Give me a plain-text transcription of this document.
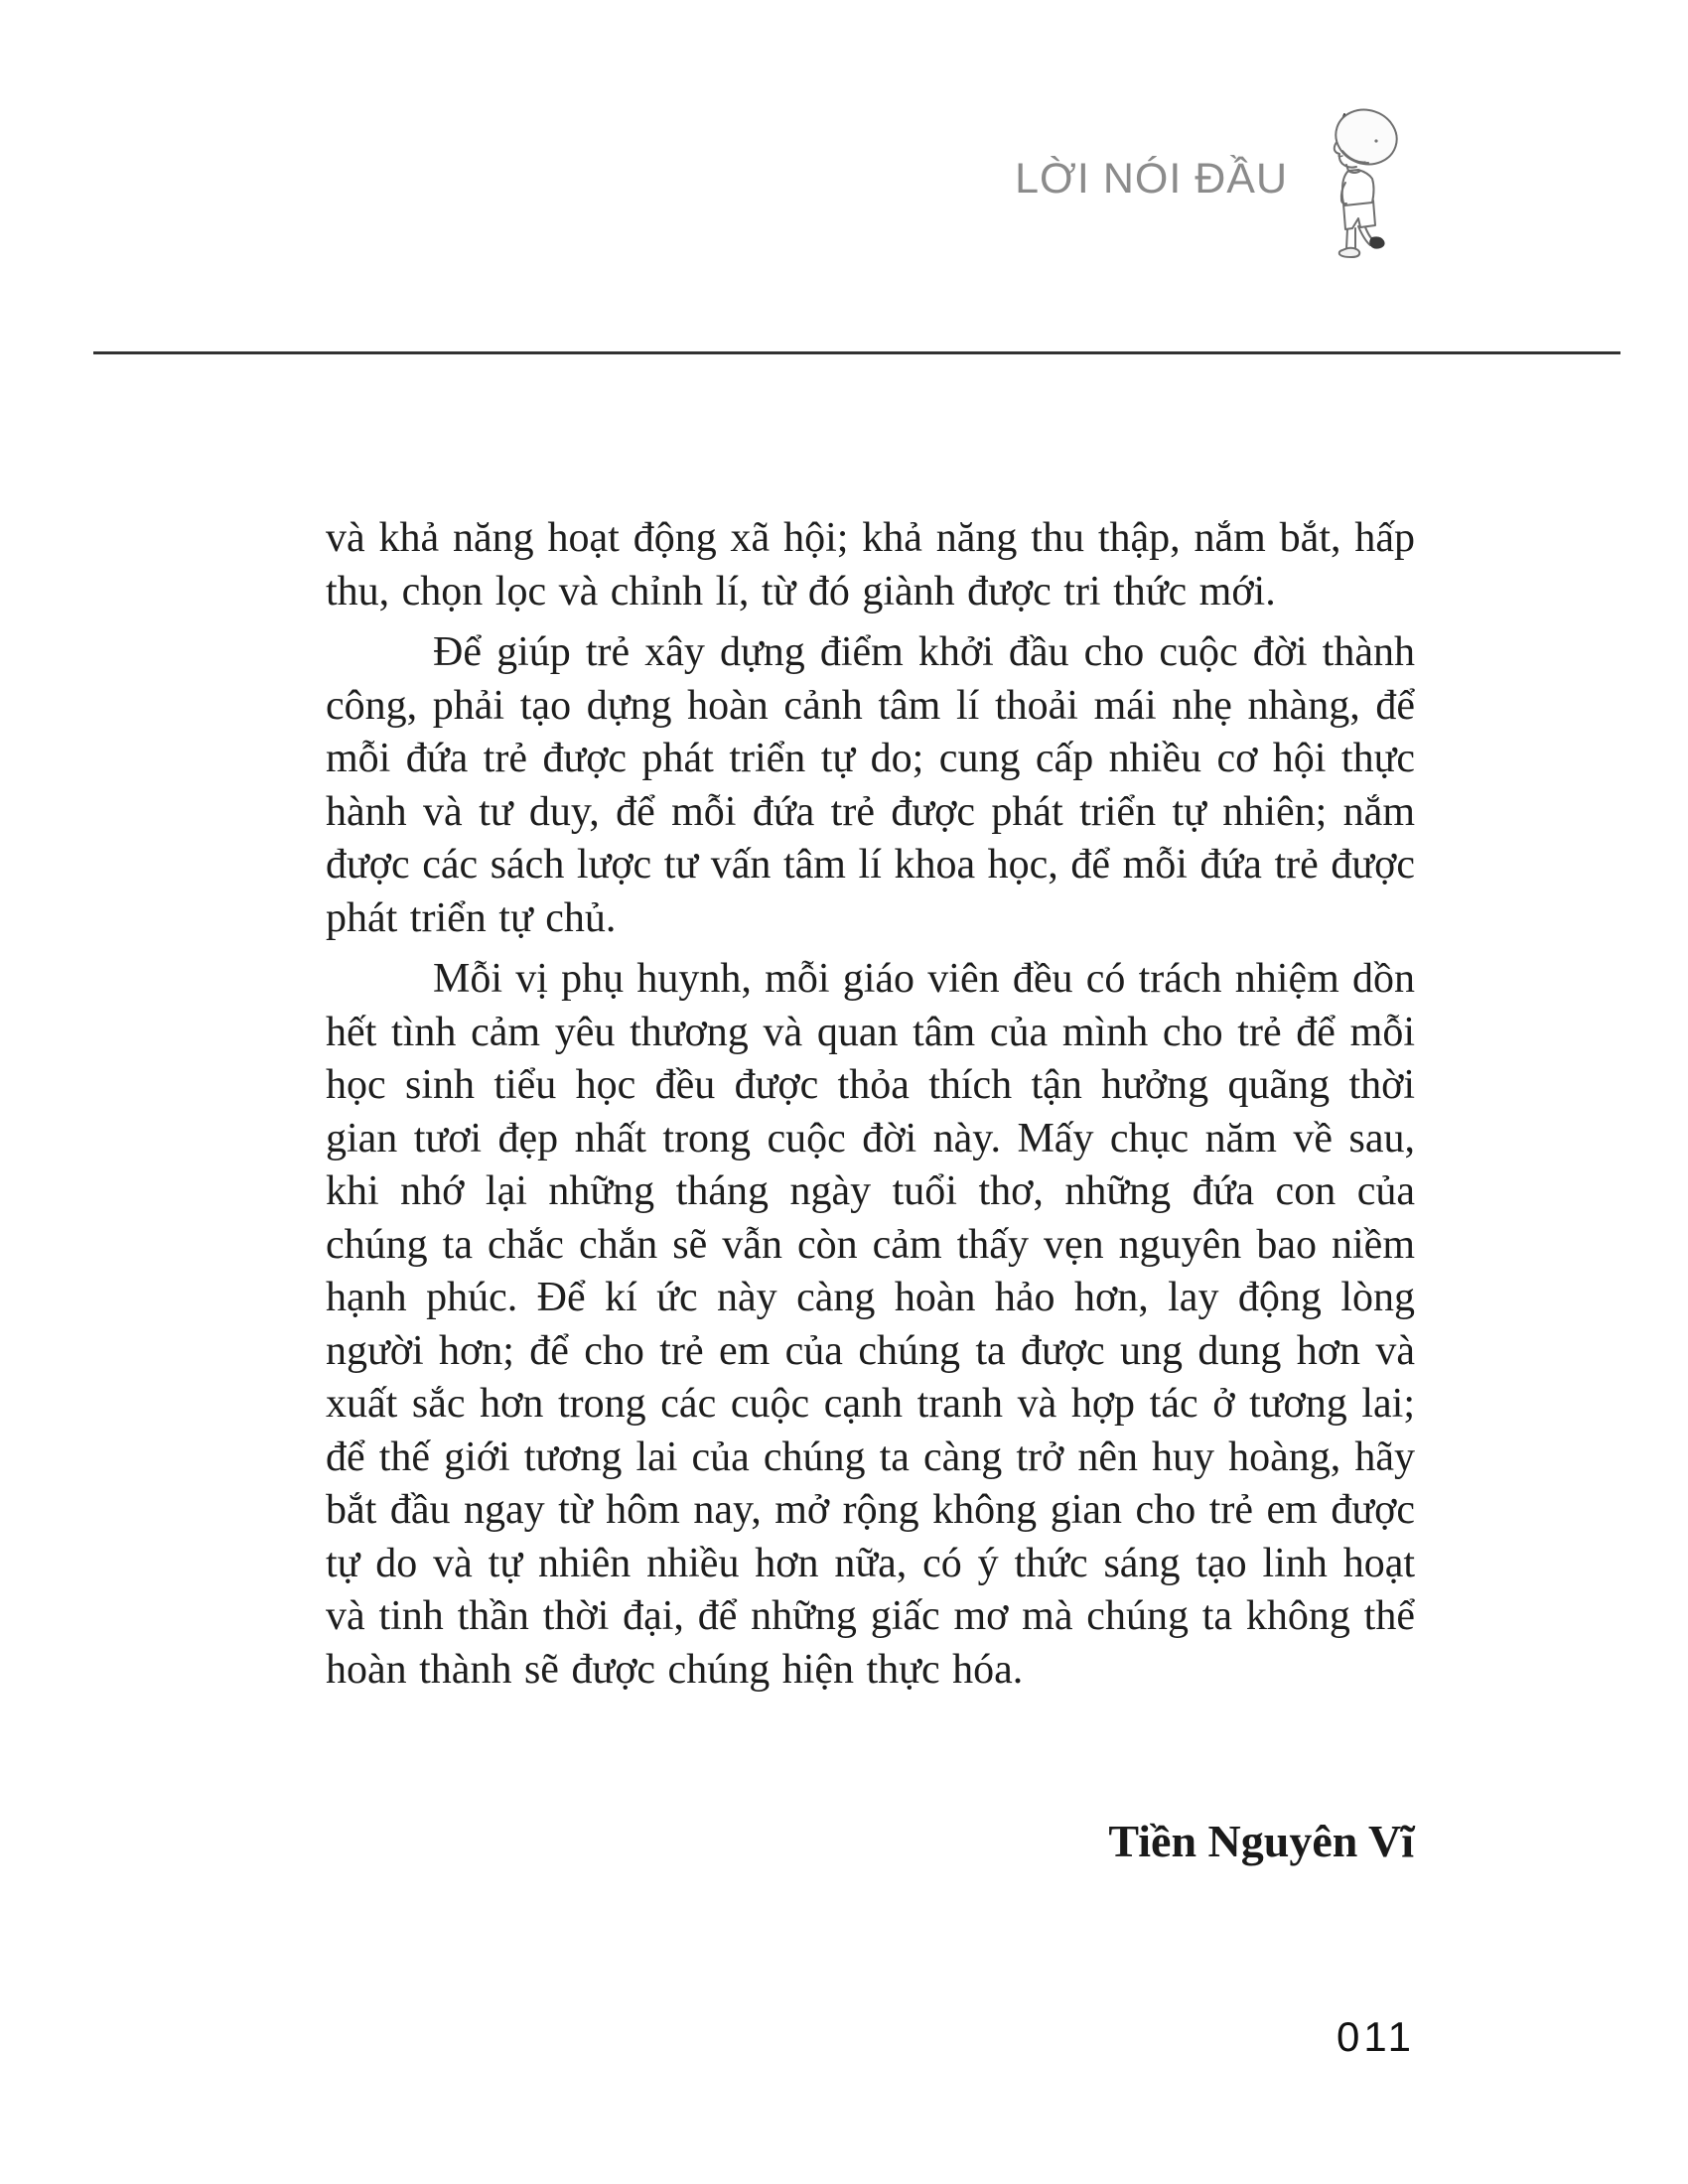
LỜI NÓI ĐẦU

và khả năng hoạt động xã hội; khả năng thu thập, nắm bắt, hấp thu, chọn lọc và chỉnh lí, từ đó giành được tri thức mới.

Để giúp trẻ xây dựng điểm khởi đầu cho cuộc đời thành công, phải tạo dựng hoàn cảnh tâm lí thoải mái nhẹ nhàng, để mỗi đứa trẻ được phát triển tự do; cung cấp nhiều cơ hội thực hành và tư duy, để mỗi đứa trẻ được phát triển tự nhiên; nắm được các sách lược tư vấn tâm lí khoa học, để mỗi đứa trẻ được phát triển tự chủ.

Mỗi vị phụ huynh, mỗi giáo viên đều có trách nhiệm dồn hết tình cảm yêu thương và quan tâm của mình cho trẻ để mỗi học sinh tiểu học đều được thỏa thích tận hưởng quãng thời gian tươi đẹp nhất trong cuộc đời này. Mấy chục năm về sau, khi nhớ lại những tháng ngày tuổi thơ, những đứa con của chúng ta chắc chắn sẽ vẫn còn cảm thấy vẹn nguyên bao niềm hạnh phúc. Để kí ức này càng hoàn hảo hơn, lay động lòng người hơn; để cho trẻ em của chúng ta được ung dung hơn và xuất sắc hơn trong các cuộc cạnh tranh và hợp tác ở tương lai; để thế giới tương lai của chúng ta càng trở nên huy hoàng, hãy bắt đầu ngay từ hôm nay, mở rộng không gian cho trẻ em được tự do và tự nhiên nhiều hơn nữa, có ý thức sáng tạo linh hoạt và tinh thần thời đại, để những giấc mơ mà chúng ta không thể hoàn thành sẽ được chúng hiện thực hóa.

Tiền Nguyên Vĩ
011
